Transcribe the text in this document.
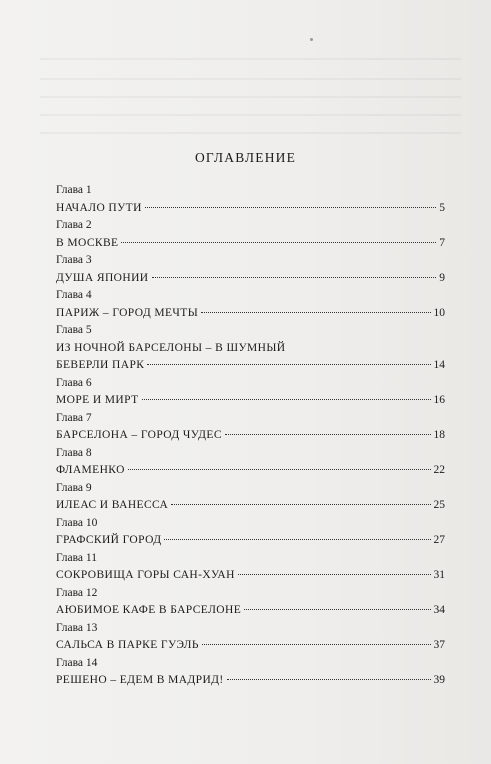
ОГЛАВЛЕНИЕ
Глава 1
НАЧАЛО ПУТИ	5
Глава 2
В МОСКВЕ	7
Глава 3
ДУША ЯПОНИИ	9
Глава 4
ПАРИЖ – ГОРОД МЕЧТЫ	10
Глава 5
ИЗ НОЧНОЙ БАРСЕЛОНЫ – В ШУМНЫЙ
БЕВЕРЛИ ПАРК	14
Глава 6
МОРЕ И МИРТ	16
Глава 7
БАРСЕЛОНА – ГОРОД ЧУДЕС	18
Глава 8
ФЛАМЕНКО	22
Глава 9
ИЛЕАС И ВАНЕССА	25
Глава 10
ГРАФСКИЙ ГОРОД	27
Глава 11
СОКРОВИЩА ГОРЫ САН-ХУАН	31
Глава 12
АЮБИМОЕ КАФЕ В БАРСЕЛОНЕ	34
Глава 13
САЛЬСА В ПАРКЕ ГУЭЛЬ	37
Глава 14
РЕШЕНО – ЕДЕМ В МАДРИД!	39
